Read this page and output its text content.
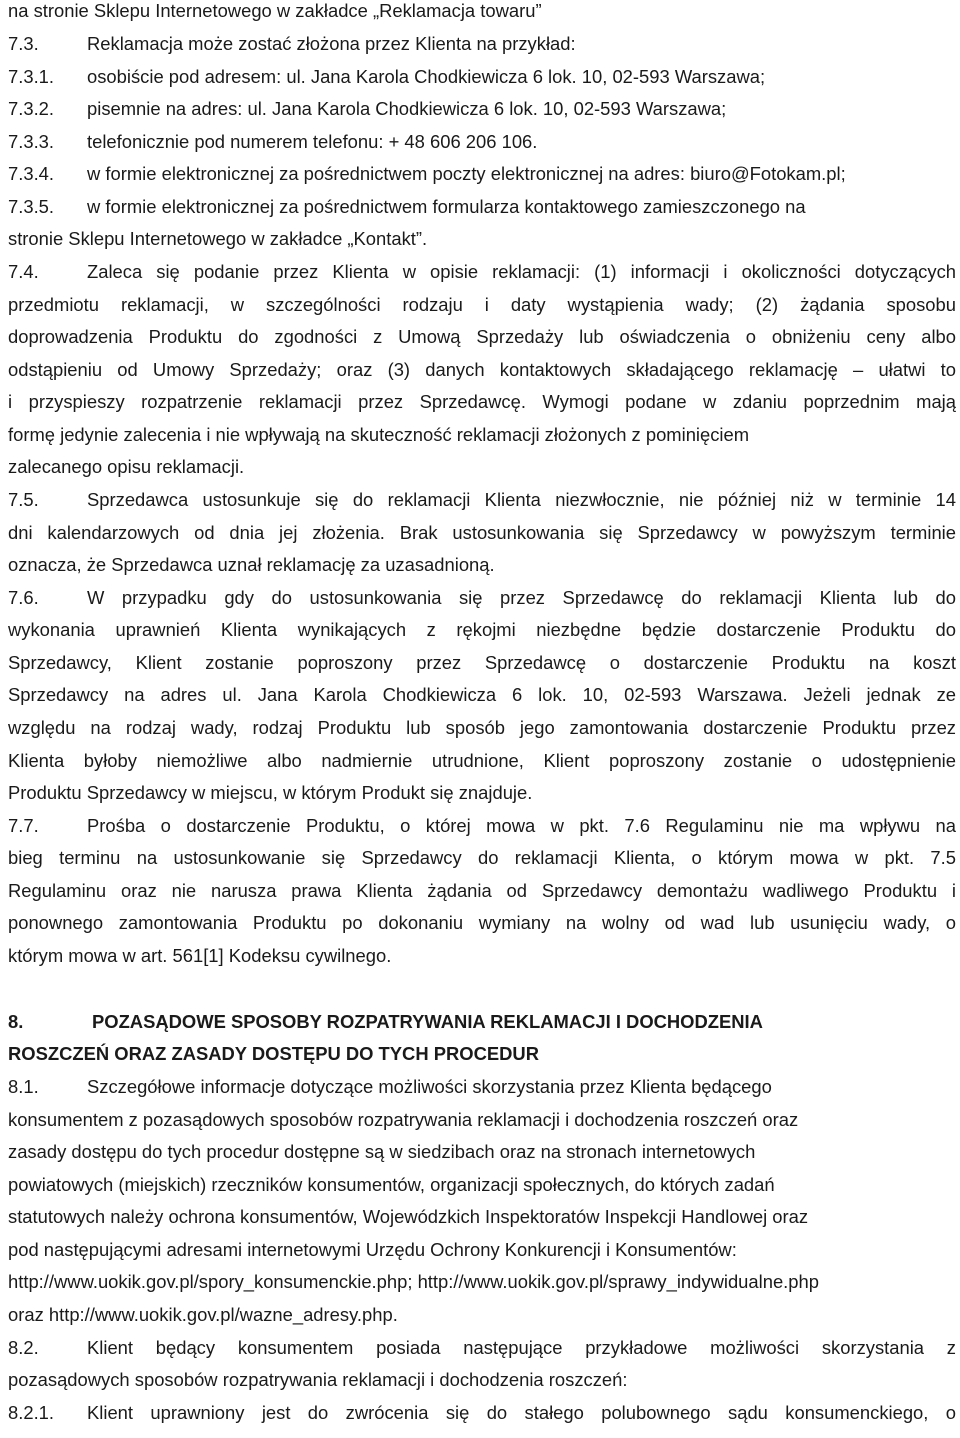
na stronie Sklepu Internetowego w zakładce „Reklamacja towaru”
7.3.	Reklamacja może zostać złożona przez Klienta na przykład:
7.3.1. osobiście pod adresem: ul. Jana Karola Chodkiewicza 6 lok. 10, 02-593 Warszawa;
7.3.2. pisemnie na adres: ul. Jana Karola Chodkiewicza 6 lok. 10, 02-593 Warszawa;
7.3.3. telefonicznie pod numerem telefonu: + 48 606 206 106.
7.3.4. w formie elektronicznej za pośrednictwem poczty elektronicznej na adres: biuro@Fotokam.pl;
7.3.5. w formie elektronicznej za pośrednictwem formularza kontaktowego zamieszczonego na
stronie Sklepu Internetowego w zakładce „Kontakt”.
7.4.	Zaleca się podanie przez Klienta w opisie reklamacji: (1) informacji i okoliczności dotyczących
przedmiotu reklamacji, w szczególności rodzaju i daty wystąpienia wady; (2) żądania sposobu
doprowadzenia Produktu do zgodności z Umową Sprzedaży lub oświadczenia o obniżeniu ceny albo
odstąpieniu od Umowy Sprzedaży; oraz (3) danych kontaktowych składającego reklamację – ułatwi to
i przyspieszy rozpatrzenie reklamacji przez Sprzedawcę. Wymogi podane w zdaniu poprzednim mają
formę jedynie zalecenia i nie wpływają na skuteczność reklamacji złożonych z pominięciem
zalecanego opisu reklamacji.
7.5.	Sprzedawca ustosunkuje się do reklamacji Klienta niezwłocznie, nie później niż w terminie 14
dni kalendarzowych od dnia jej złożenia. Brak ustosunkowania się Sprzedawcy w powyższym terminie
oznacza, że Sprzedawca uznał reklamację za uzasadnioną.
7.6.	W przypadku gdy do ustosunkowania się przez Sprzedawcę do reklamacji Klienta lub do
wykonania uprawnień Klienta wynikających z rękojmi niezbędne będzie dostarczenie Produktu do
Sprzedawcy, Klient zostanie poproszony przez Sprzedawcę o dostarczenie Produktu na koszt
Sprzedawcy na adres ul. Jana Karola Chodkiewicza 6 lok. 10, 02-593 Warszawa. Jeżeli jednak ze
względu na rodzaj wady, rodzaj Produktu lub sposób jego zamontowania dostarczenie Produktu przez
Klienta byłoby niemożliwe albo nadmiernie utrudnione, Klient poproszony zostanie o udostępnienie
Produktu Sprzedawcy w miejscu, w którym Produkt się znajduje.
7.7.	Prośba o dostarczenie Produktu, o której mowa w pkt. 7.6 Regulaminu nie ma wpływu na
bieg terminu na ustosunkowanie się Sprzedawcy do reklamacji Klienta, o którym mowa w pkt. 7.5
Regulaminu oraz nie narusza prawa Klienta żądania od Sprzedawcy demontażu wadliwego Produktu i
ponownego zamontowania Produktu po dokonaniu wymiany na wolny od wad lub usunięciu wady, o
którym mowa w art. 561[1] Kodeksu cywilnego.
8.	POZASĄDOWE SPOSOBY ROZPATRYWANIA REKLAMACJI I DOCHODZENIA
ROSZCZEŃ ORAZ ZASADY DOSTĘPU DO TYCH PROCEDUR
8.1.	Szczegółowe informacje dotyczące możliwości skorzystania przez Klienta będącego
konsumentem z pozasądowych sposobów rozpatrywania reklamacji i dochodzenia roszczeń oraz
zasady dostępu do tych procedur dostępne są w siedzibach oraz na stronach internetowych
powiatowych (miejskich) rzeczników konsumentów, organizacji społecznych, do których zadań
statutowych należy ochrona konsumentów, Wojewódzkich Inspektoratów Inspekcji Handlowej oraz
pod następującymi adresami internetowymi Urzędu Ochrony Konkurencji i Konsumentów:
http://www.uokik.gov.pl/spory_konsumenckie.php; http://www.uokik.gov.pl/sprawy_indywidualne.php
oraz http://www.uokik.gov.pl/wazne_adresy.php.
8.2.	Klient będący konsumentem posiada następujące przykładowe możliwości skorzystania z
pozasądowych sposobów rozpatrywania reklamacji i dochodzenia roszczeń:
8.2.1. Klient uprawniony jest do zwrócenia się do stałego polubownego sądu konsumenckiego, o
